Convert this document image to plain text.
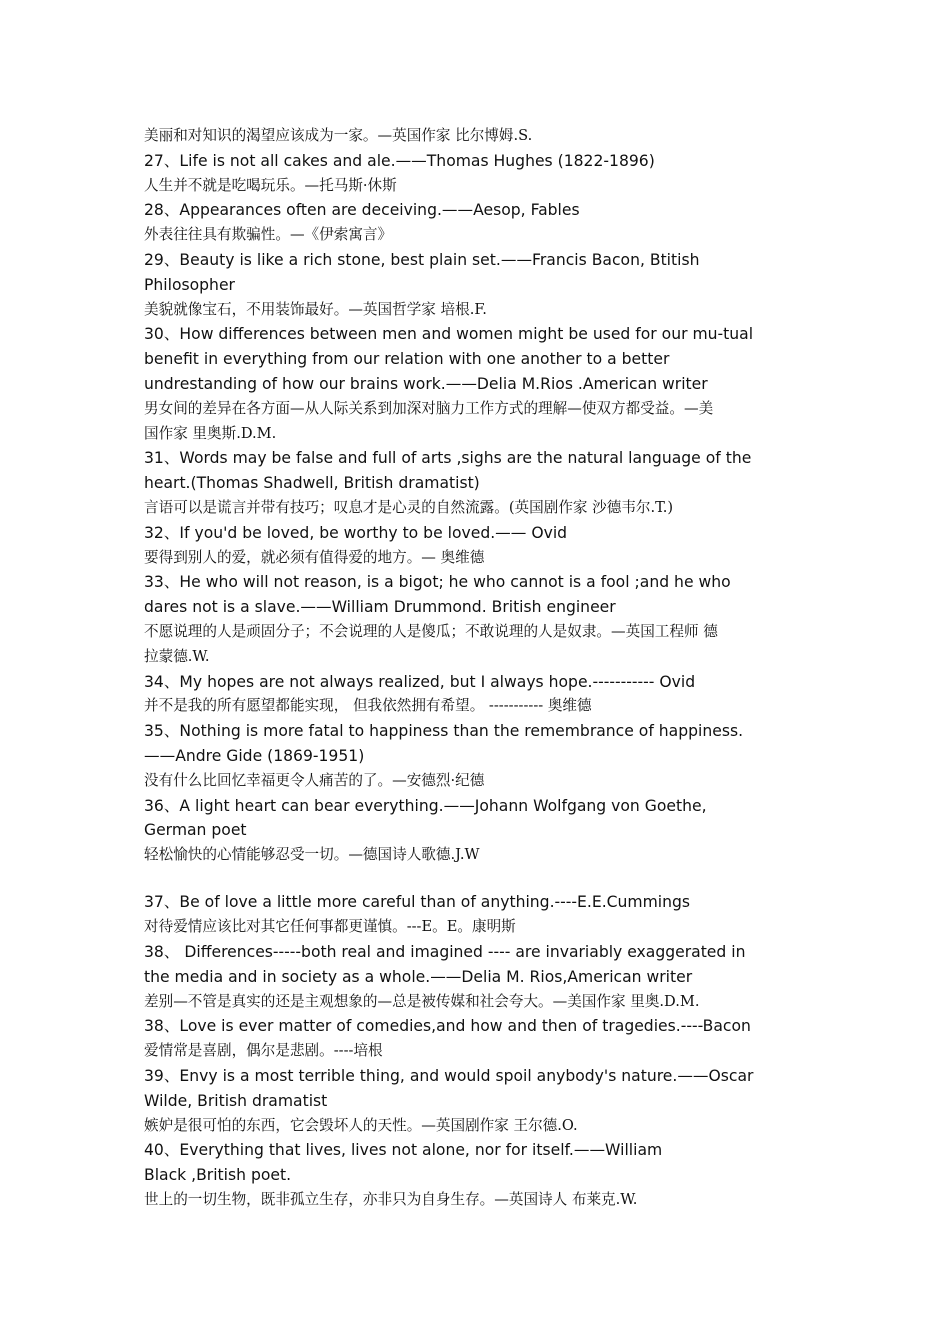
美丽和对知识的渴望应该成为一家。—英国作家 比尔博姆.S.
27、Life is not all cakes and ale.——Thomas Hughes (1822-1896)
人生并不就是吃喝玩乐。—托马斯·休斯
28、Appearances often are deceiving.——Aesop, Fables
外表往往具有欺骗性。—《伊索寓言》
29、Beauty is like a rich stone, best plain set.——Francis Bacon, Btitish
Philosopher
美貌就像宝石，不用装饰最好。—英国哲学家 培根.F.
30、How differences between men and women might be used for our mu-tual
benefit in everything from our relation with one another to a better
undrestanding of how our brains work.——Delia M.Rios .American writer
男女间的差异在各方面—从人际关系到加深对脑力工作方式的理解—使双方都受益。—美
国作家 里奥斯.D.M.
31、Words may be false and full of arts ,sighs are the natural language of the
heart.(Thomas Shadwell, British dramatist)
言语可以是谎言并带有技巧；叹息才是心灵的自然流露。(英国剧作家 沙德韦尔.T.)
32、If you'd be loved, be worthy to be loved.—— Ovid
要得到别人的爱，就必须有值得爱的地方。— 奥维德
33、He who will not reason, is a bigot; he who cannot is a fool ;and he who
dares not is a slave.——William Drummond. British engineer
不愿说理的人是顽固分子；不会说理的人是傻瓜；不敢说理的人是奴隶。—英国工程师 德
拉蒙德.W.
34、My hopes are not always realized, but I always hope.----------- Ovid
并不是我的所有愿望都能实现， 但我依然拥有希望。 ----------- 奥维德
35、Nothing is more fatal to happiness than the remembrance of happiness.
——Andre Gide (1869-1951)
没有什么比回忆幸福更令人痛苦的了。—安德烈·纪德
36、A light heart can bear everything.——Johann Wolfgang von Goethe,
German poet
轻松愉快的心情能够忍受一切。—德国诗人歌德.J.W
37、Be of love a little more careful than of anything.----E.E.Cummings
对待爱情应该比对其它任何事都更谨慎。---E。E。康明斯
38、 Differences-----both real and imagined ---- are invariably exaggerated in
the media and in society as a whole.——Delia M. Rios,American writer
差别—不管是真实的还是主观想象的—总是被传媒和社会夸大。—美国作家 里奥.D.M.
38、Love is ever matter of comedies,and how and then of tragedies.----Bacon
爱情常是喜剧，偶尔是悲剧。----培根
39、Envy is a most terrible thing, and would spoil anybody's nature.——Oscar
Wilde, British dramatist
嫉妒是很可怕的东西，它会毁坏人的天性。—英国剧作家 王尔德.O.
40、Everything that lives, lives not alone, nor for itself.——William
Black ,British poet.
世上的一切生物，既非孤立生存，亦非只为自身生存。—英国诗人 布莱克.W.
